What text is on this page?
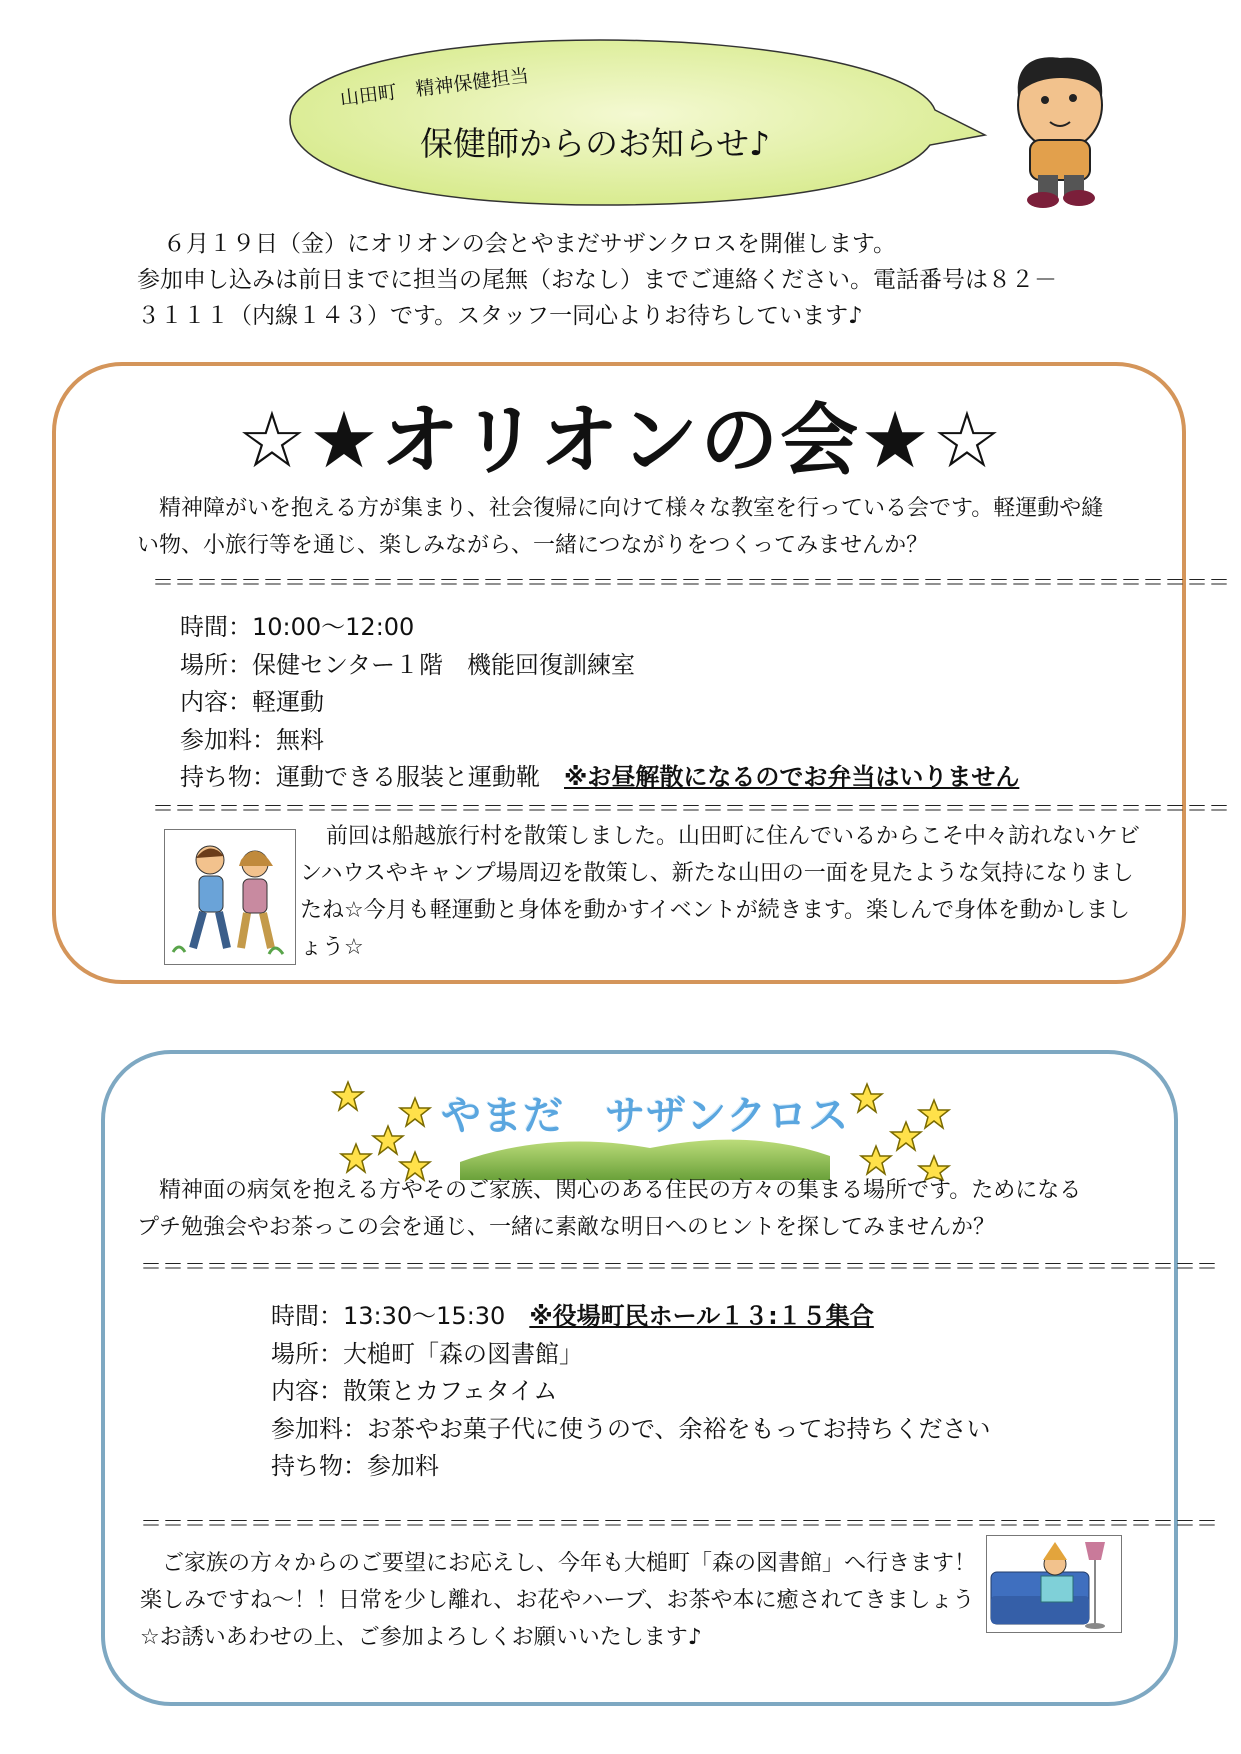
山田町　精神保健担当
保健師からのお知らせ♪

６月１９日（金）にオリオンの会とやまだサザンクロスを開催します。

参加申し込みは前日までに担当の尾無（おなし）までご連絡ください。電話番号は８２－

３１１１（内線１４３）です。スタッフ一同心よりお待ちしています♪

☆★オリオンの会★☆
　精神障がいを抱える方が集まり、社会復帰に向けて様々な教室を行っている会です。軽運動や縫
い物、小旅行等を通じ、楽しみながら、一緒につながりをつくってみませんか？
＝＝＝＝＝＝＝＝＝＝＝＝＝＝＝＝＝＝＝＝＝＝＝＝＝＝＝＝＝＝＝＝＝＝＝＝＝＝＝＝＝＝＝＝＝＝＝＝＝
時間：10:00～12:00
場所：保健センター１階　機能回復訓練室
内容：軽運動
参加料：無料
持ち物：運動できる服装と運動靴　※お昼解散になるのでお弁当はいりません
＝＝＝＝＝＝＝＝＝＝＝＝＝＝＝＝＝＝＝＝＝＝＝＝＝＝＝＝＝＝＝＝＝＝＝＝＝＝＝＝＝＝＝＝＝＝＝＝＝
前回は船越旅行村を散策しました。山田町に住んでいるからこそ中々訪れないケビ
ンハウスやキャンプ場周辺を散策し、新たな山田の一面を見たような気持になりまし
たね☆今月も軽運動と身体を動かすイベントが続きます。楽しんで身体を動かしまし
ょう☆
やまだ　サザンクロス
　精神面の病気を抱える方やそのご家族、関心のある住民の方々の集まる場所です。ためになる
プチ勉強会やお茶っこの会を通じ、一緒に素敵な明日へのヒントを探してみませんか？
＝＝＝＝＝＝＝＝＝＝＝＝＝＝＝＝＝＝＝＝＝＝＝＝＝＝＝＝＝＝＝＝＝＝＝＝＝＝＝＝＝＝＝＝＝＝＝＝＝
時間：13:30～15:30　※役場町民ホール１３:１５集合
場所：大槌町「森の図書館」
内容：散策とカフェタイム
参加料：お茶やお菓子代に使うので、余裕をもってお持ちください
持ち物：参加料
＝＝＝＝＝＝＝＝＝＝＝＝＝＝＝＝＝＝＝＝＝＝＝＝＝＝＝＝＝＝＝＝＝＝＝＝＝＝＝＝＝＝＝＝＝＝＝＝＝
　ご家族の方々からのご要望にお応えし、今年も大槌町「森の図書館」へ行きます！
楽しみですね～！！日常を少し離れ、お花やハーブ、お茶や本に癒されてきましょう
☆お誘いあわせの上、ご参加よろしくお願いいたします♪
